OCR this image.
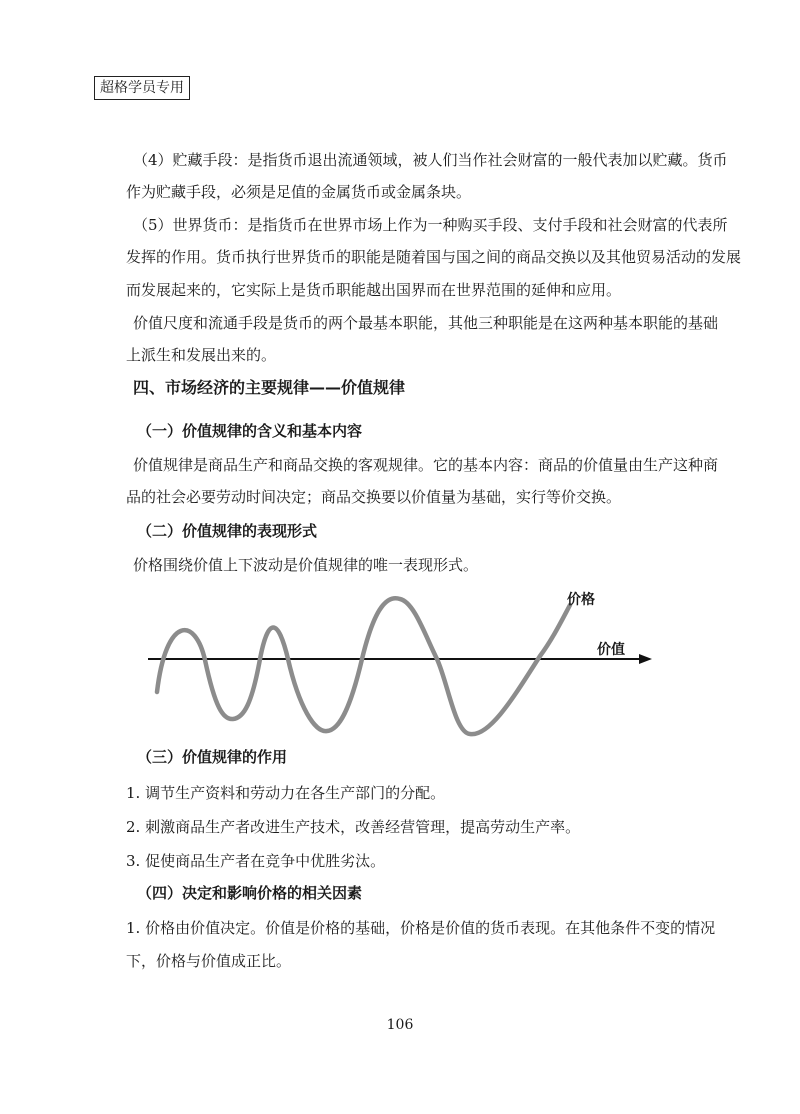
超格学员专用
（4）贮藏手段：是指货币退出流通领域，被人们当作社会财富的一般代表加以贮藏。货币
作为贮藏手段，必须是足值的金属货币或金属条块。
（5）世界货币：是指货币在世界市场上作为一种购买手段、支付手段和社会财富的代表所
发挥的作用。货币执行世界货币的职能是随着国与国之间的商品交换以及其他贸易活动的发展
而发展起来的，它实际上是货币职能越出国界而在世界范围的延伸和应用。
价值尺度和流通手段是货币的两个最基本职能，其他三种职能是在这两种基本职能的基础
上派生和发展出来的。
四、市场经济的主要规律——价值规律
（一）价值规律的含义和基本内容
价值规律是商品生产和商品交换的客观规律。它的基本内容：商品的价值量由生产这种商
品的社会必要劳动时间决定；商品交换要以价值量为基础，实行等价交换。
（二）价值规律的表现形式
价格围绕价值上下波动是价值规律的唯一表现形式。
价格
价值
（三）价值规律的作用
1. 调节生产资料和劳动力在各生产部门的分配。
2. 刺激商品生产者改进生产技术，改善经营管理，提高劳动生产率。
3. 促使商品生产者在竞争中优胜劣汰。
（四）决定和影响价格的相关因素
1. 价格由价值决定。价值是价格的基础，价格是价值的货币表现。在其他条件不变的情况
下，价格与价值成正比。
106
